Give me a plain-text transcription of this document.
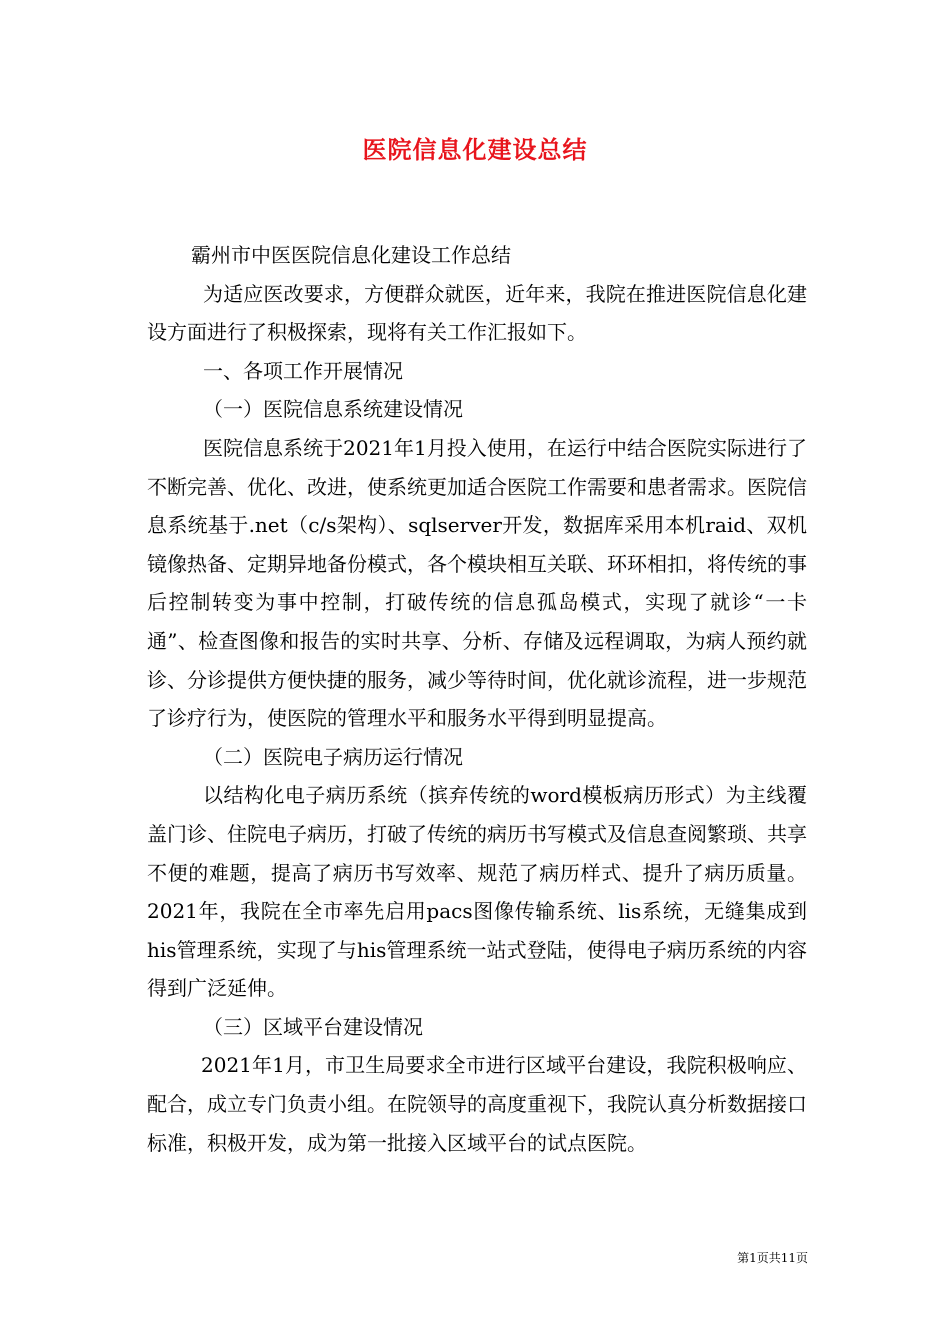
医院信息化建设总结

霸州市中医医院信息化建设工作总结

为适应医改要求，方便群众就医，近年来，我院在推进医院信息化建设方面进行了积极探索，现将有关工作汇报如下。

一、各项工作开展情况

（一）医院信息系统建设情况

医院信息系统于2021年1月投入使用，在运行中结合医院实际进行了不断完善、优化、改进，使系统更加适合医院工作需要和患者需求。医院信息系统基于.net（c/s架构）、sqlserver开发，数据库采用本机raid、双机镜像热备、定期异地备份模式，各个模块相互关联、环环相扣，将传统的事后控制转变为事中控制，打破传统的信息孤岛模式，实现了就诊“一卡通”、检查图像和报告的实时共享、分析、存储及远程调取，为病人预约就诊、分诊提供方便快捷的服务，减少等待时间，优化就诊流程，进一步规范了诊疗行为，使医院的管理水平和服务水平得到明显提高。

（二）医院电子病历运行情况

以结构化电子病历系统（摈弃传统的word模板病历形式）为主线覆盖门诊、住院电子病历，打破了传统的病历书写模式及信息查阅繁琐、共享不便的难题，提高了病历书写效率、规范了病历样式、提升了病历质量。2021年，我院在全市率先启用pacs图像传输系统、lis系统，无缝集成到his管理系统，实现了与his管理系统一站式登陆，使得电子病历系统的内容得到广泛延伸。

（三）区域平台建设情况

2021年1月，市卫生局要求全市进行区域平台建设，我院积极响应、配合，成立专门负责小组。在院领导的高度重视下，我院认真分析数据接口标准，积极开发，成为第一批接入区域平台的试点医院。

第1页共11页
